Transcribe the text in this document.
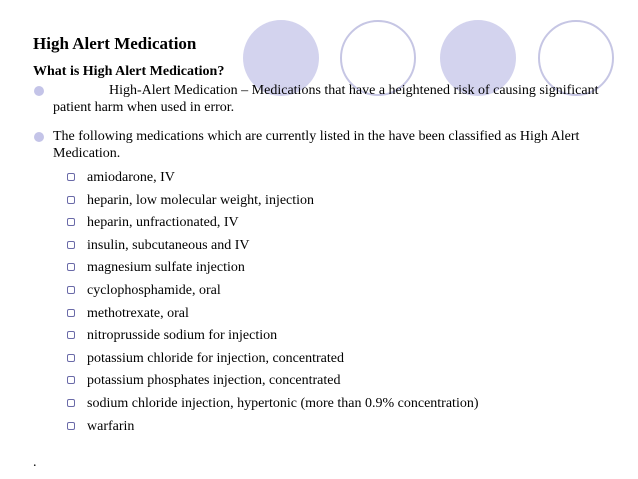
High Alert Medication

What is High Alert Medication?

High-Alert Medication – Medications that have a heightened risk of causing significant patient harm when used in error.
The following medications which are currently listed in the have been classified as High Alert Medication.
amiodarone, IV
heparin, low molecular weight, injection
heparin, unfractionated, IV
insulin, subcutaneous and IV
magnesium sulfate injection
cyclophosphamide, oral
methotrexate, oral
nitroprusside sodium for injection
potassium chloride for injection, concentrated
potassium phosphates injection, concentrated
sodium chloride injection, hypertonic (more than 0.9% concentration)
warfarin
.
